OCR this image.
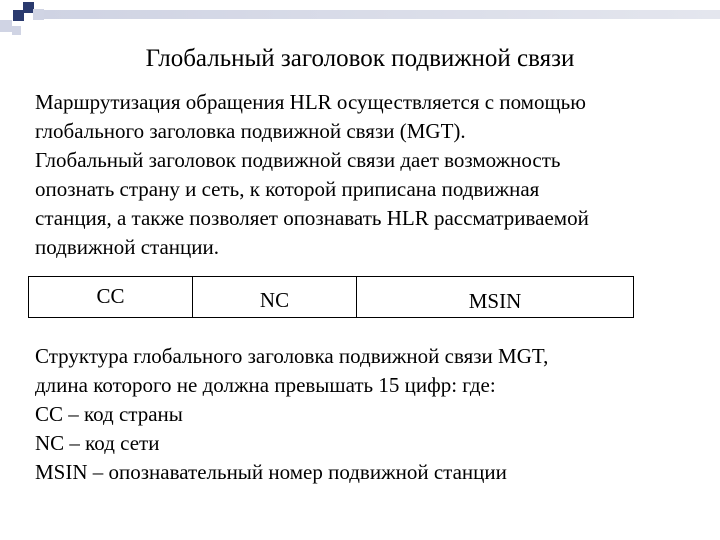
Глобальный заголовок подвижной связи
Маршрутизация обращения HLR осуществляется с помощью
глобального заголовка подвижной связи (MGT).
Глобальный заголовок подвижной связи дает возможность
опознать страну и сеть, к которой приписана подвижная
станция, а также позволяет опознавать HLR рассматриваемой
подвижной станции.
CC	NC	MSIN
Структура глобального заголовка подвижной связи MGT,
длина которого не должна превышать 15 цифр: где:
CC – код страны
NC – код сети
MSIN – опознавательный номер подвижной станции
